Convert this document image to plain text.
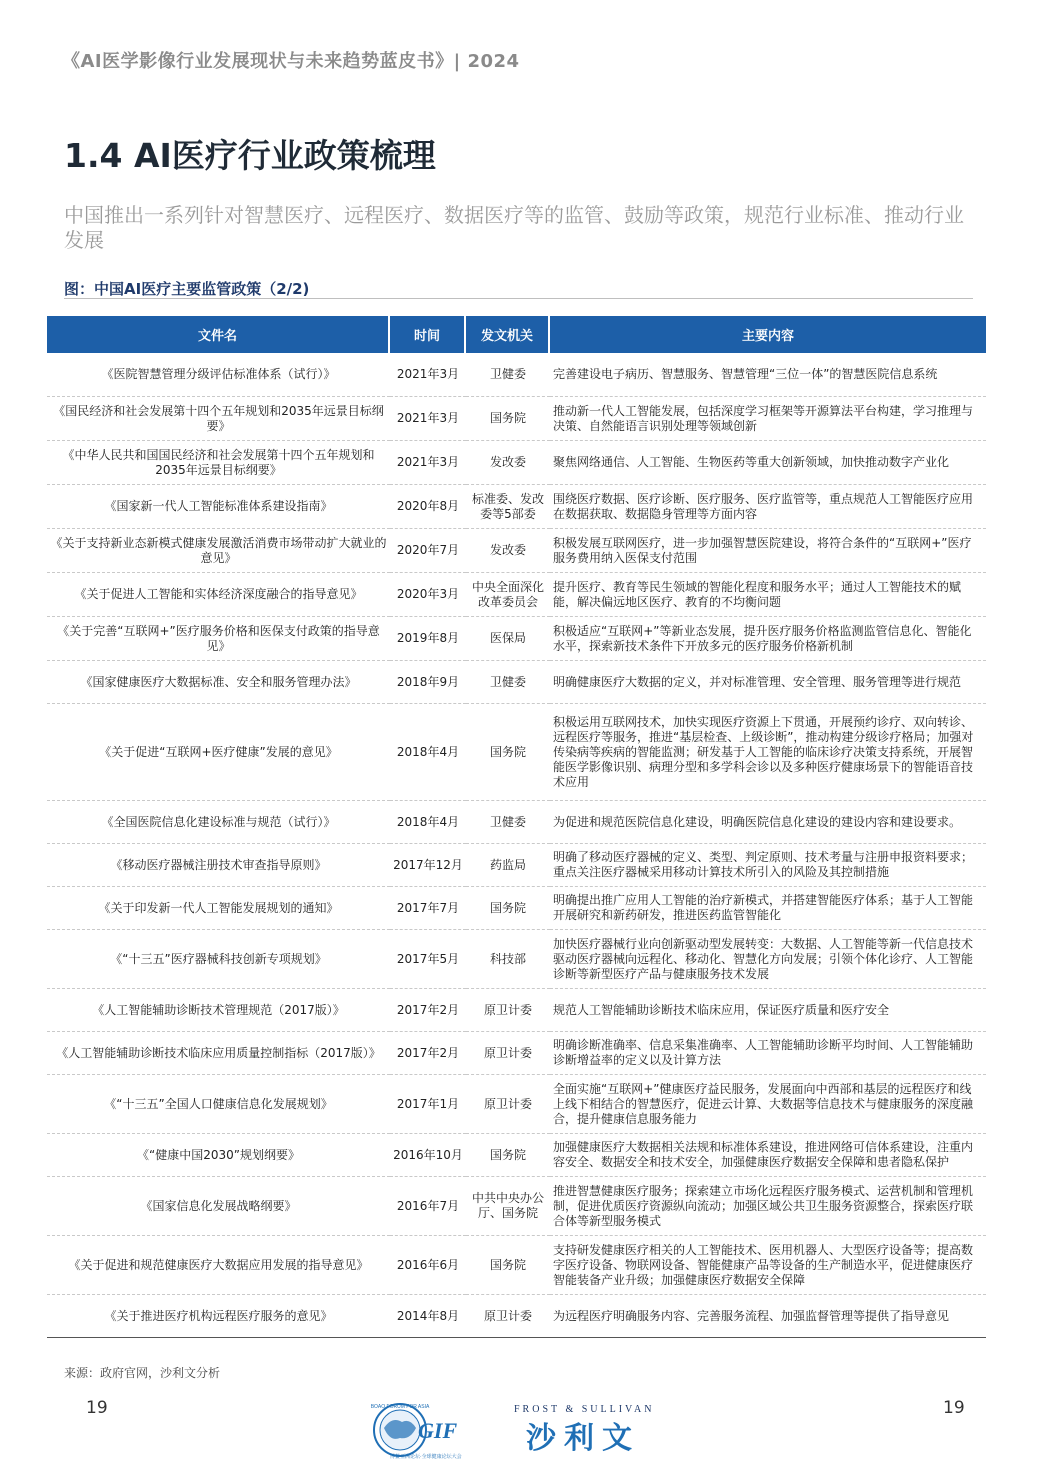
《AI医学影像行业发展现状与未来趋势蓝皮书》| 2024
1.4 AI医疗行业政策梳理
中国推出一系列针对智慧医疗、远程医疗、数据医疗等的监管、鼓励等政策，规范行业标准、推动行业发展
图：中国AI医疗主要监管政策（2/2)
文件名	时间	发文机关	主要内容
《医院智慧管理分级评估标准体系（试行）》	2021年3月	卫健委	完善建设电子病历、智慧服务、智慧管理“三位一体”的智慧医院信息系统
《国民经济和社会发展第十四个五年规划和2035年远景目标纲要》	2021年3月	国务院	推动新一代人工智能发展，包括深度学习框架等开源算法平台构建，学习推理与决策、自然能语言识别处理等领域创新
《中华人民共和国国民经济和社会发展第十四个五年规划和2035年远景目标纲要》	2021年3月	发改委	聚焦网络通信、人工智能、生物医药等重大创新领域，加快推动数字产业化
《国家新一代人工智能标准体系建设指南》	2020年8月	标准委、发改委等5部委	围绕医疗数据、医疗诊断、医疗服务、医疗监管等，重点规范人工智能医疗应用在数据获取、数据隐身管理等方面内容
《关于支持新业态新模式健康发展激活消费市场带动扩大就业的意见》	2020年7月	发改委	积极发展互联网医疗，进一步加强智慧医院建设，将符合条件的“互联网+”医疗服务费用纳入医保支付范围
《关于促进人工智能和实体经济深度融合的指导意见》	2020年3月	中央全面深化改革委员会	提升医疗、教育等民生领域的智能化程度和服务水平；通过人工智能技术的赋能，解决偏远地区医疗、教育的不均衡问题
《关于完善“互联网+”医疗服务价格和医保支付政策的指导意见》	2019年8月	医保局	积极适应“互联网+”等新业态发展，提升医疗服务价格监测监管信息化、智能化水平，探索新技术条件下开放多元的医疗服务价格新机制
《国家健康医疗大数据标准、安全和服务管理办法》	2018年9月	卫健委	明确健康医疗大数据的定义，并对标准管理、安全管理、服务管理等进行规范
《关于促进“互联网+医疗健康”发展的意见》	2018年4月	国务院	积极运用互联网技术，加快实现医疗资源上下贯通，开展预约诊疗、双向转诊、远程医疗等服务，推进“基层检查、上级诊断”，推动构建分级诊疗格局；加强对传染病等疾病的智能监测；研发基于人工智能的临床诊疗决策支持系统，开展智能医学影像识别、病理分型和多学科会诊以及多种医疗健康场景下的智能语音技术应用
《全国医院信息化建设标准与规范（试行）》	2018年4月	卫健委	为促进和规范医院信息化建设，明确医院信息化建设的建设内容和建设要求。
《移动医疗器械注册技术审查指导原则》	2017年12月	药监局	明确了移动医疗器械的定义、类型、判定原则、技术考量与注册申报资料要求；重点关注医疗器械采用移动计算技术所引入的风险及其控制措施
《关于印发新一代人工智能发展规划的通知》	2017年7月	国务院	明确提出推广应用人工智能的治疗新模式，并搭建智能医疗体系；基于人工智能开展研究和新药研发，推进医药监管智能化
《“十三五”医疗器械科技创新专项规划》	2017年5月	科技部	加快医疗器械行业向创新驱动型发展转变：大数据、人工智能等新一代信息技术驱动医疗器械向远程化、移动化、智慧化方向发展；引领个体化诊疗、人工智能诊断等新型医疗产品与健康服务技术发展
《人工智能辅助诊断技术管理规范（2017版）》	2017年2月	原卫计委	规范人工智能辅助诊断技术临床应用，保证医疗质量和医疗安全
《人工智能辅助诊断技术临床应用质量控制指标（2017版）》	2017年2月	原卫计委	明确诊断准确率、信息采集准确率、人工智能辅助诊断平均时间、人工智能辅助诊断增益率的定义以及计算方法
《“十三五”全国人口健康信息化发展规划》	2017年1月	原卫计委	全面实施“互联网+”健康医疗益民服务，发展面向中西部和基层的远程医疗和线上线下相结合的智慧医疗，促进云计算、大数据等信息技术与健康服务的深度融合，提升健康信息服务能力
《“健康中国2030”规划纲要》	2016年10月	国务院	加强健康医疗大数据相关法规和标准体系建设，推进网络可信体系建设，注重内容安全、数据安全和技术安全，加强健康医疗数据安全保障和患者隐私保护
《国家信息化发展战略纲要》	2016年7月	中共中央办公厅、国务院	推进智慧健康医疗服务；探索建立市场化远程医疗服务模式、运营机制和管理机制，促进优质医疗资源纵向流动；加强区域公共卫生服务资源整合，探索医疗联合体等新型服务模式
《关于促进和规范健康医疗大数据应用发展的指导意见》	2016年6月	国务院	支持研发健康医疗相关的人工智能技术、医用机器人、大型医疗设备等；提高数字医疗设备、物联网设备、智能健康产品等设备的生产制造水平，促进健康医疗智能装备产业升级；加强健康医疗数据安全保障
《关于推进医疗机构远程医疗服务的意见》	2014年8月	原卫计委	为远程医疗明确服务内容、完善服务流程、加强监督管理等提供了指导意见
来源：政府官网，沙利文分析
19	19
BOAO FORUM FOR ASIA
GIF
博鳌亚洲论坛·全球健康论坛大会
FROST & SULLIVAN
沙利文
